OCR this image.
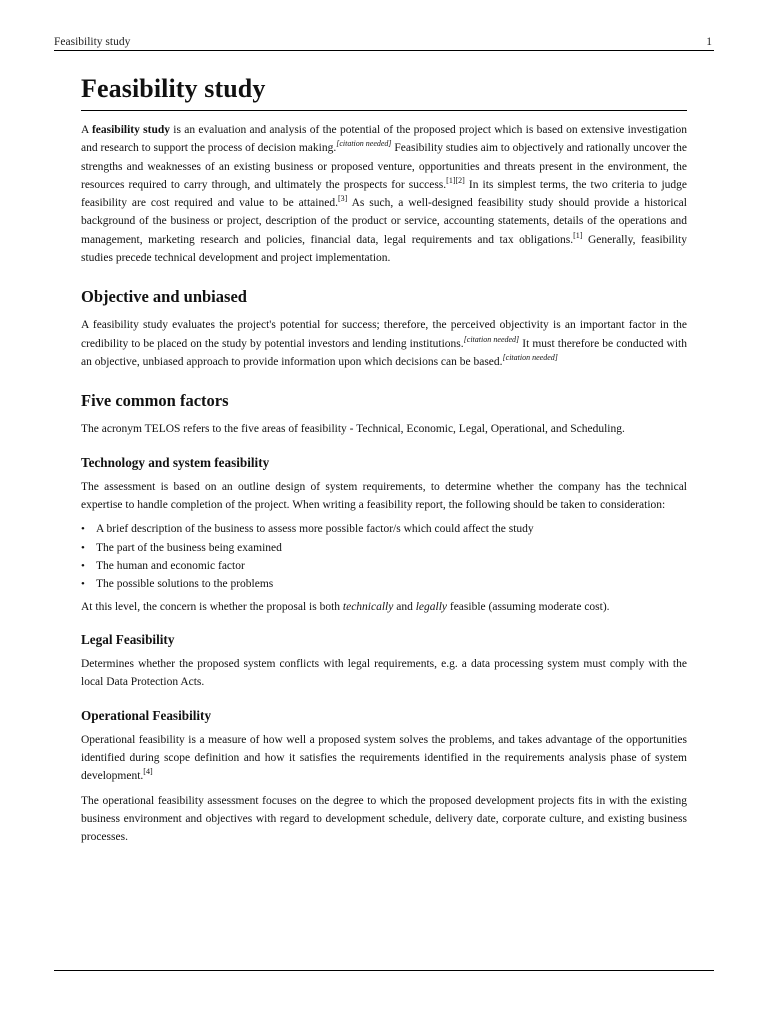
Feasibility study	1
Feasibility study

A feasibility study is an evaluation and analysis of the potential of the proposed project which is based on extensive investigation and research to support the process of decision making.[citation needed] Feasibility studies aim to objectively and rationally uncover the strengths and weaknesses of an existing business or proposed venture, opportunities and threats present in the environment, the resources required to carry through, and ultimately the prospects for success.[1][2] In its simplest terms, the two criteria to judge feasibility are cost required and value to be attained.[3] As such, a well-designed feasibility study should provide a historical background of the business or project, description of the product or service, accounting statements, details of the operations and management, marketing research and policies, financial data, legal requirements and tax obligations.[1] Generally, feasibility studies precede technical development and project implementation.

Objective and unbiased

A feasibility study evaluates the project's potential for success; therefore, the perceived objectivity is an important factor in the credibility to be placed on the study by potential investors and lending institutions.[citation needed] It must therefore be conducted with an objective, unbiased approach to provide information upon which decisions can be based.[citation needed]

Five common factors

The acronym TELOS refers to the five areas of feasibility - Technical, Economic, Legal, Operational, and Scheduling.

Technology and system feasibility

The assessment is based on an outline design of system requirements, to determine whether the company has the technical expertise to handle completion of the project. When writing a feasibility report, the following should be taken to consideration:

• A brief description of the business to assess more possible factor/s which could affect the study
• The part of the business being examined
• The human and economic factor
• The possible solutions to the problems

At this level, the concern is whether the proposal is both technically and legally feasible (assuming moderate cost).

Legal Feasibility

Determines whether the proposed system conflicts with legal requirements, e.g. a data processing system must comply with the local Data Protection Acts.

Operational Feasibility

Operational feasibility is a measure of how well a proposed system solves the problems, and takes advantage of the opportunities identified during scope definition and how it satisfies the requirements identified in the requirements analysis phase of system development.[4]

The operational feasibility assessment focuses on the degree to which the proposed development projects fits in with the existing business environment and objectives with regard to development schedule, delivery date, corporate culture, and existing business processes.
